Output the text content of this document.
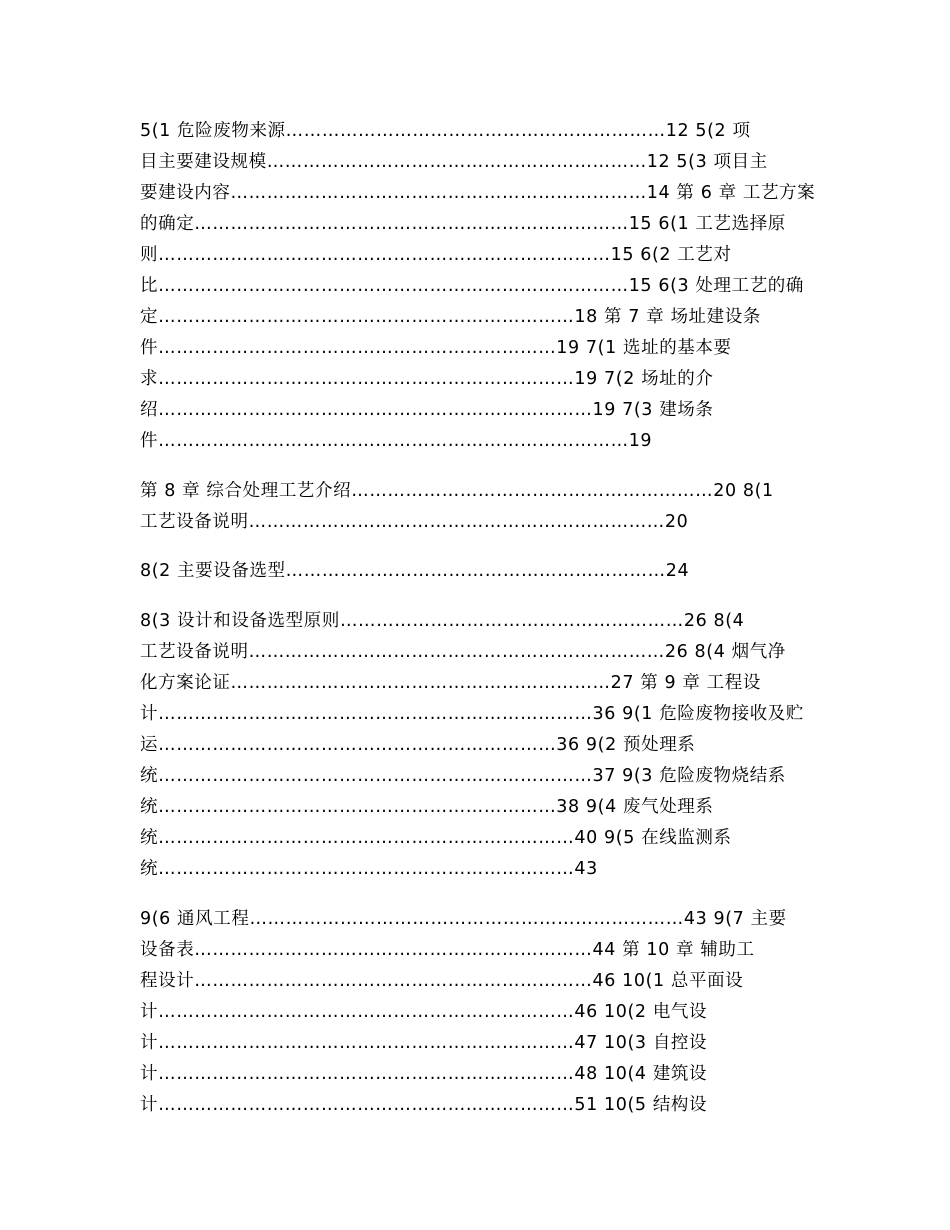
5(1 危险废物来源………………………………………………………12 5(2 项
目主要建设规模………………………………………………………12 5(3 项目主
要建设内容……………………………………………………………14 第 6 章 工艺方案
的确定………………………………………………………………15 6(1 工艺选择原
则…………………………………………………………………15 6(2 工艺对
比……………………………………………………………………15 6(3 处理工艺的确
定……………………………………………………………18 第 7 章 场址建设条
件…………………………………………………………19 7(1 选址的基本要
求……………………………………………………………19 7(2 场址的介
绍………………………………………………………………19 7(3 建场条
件……………………………………………………………………19
第 8 章 综合处理工艺介绍……………………………………………………20 8(1
工艺设备说明……………………………………………………………20
8(2 主要设备选型………………………………………………………24
8(3 设计和设备选型原则…………………………………………………26 8(4
工艺设备说明……………………………………………………………26 8(4 烟气净
化方案论证………………………………………………………27 第 9 章 工程设
计………………………………………………………………36 9(1 危险废物接收及贮
运…………………………………………………………36 9(2 预处理系
统………………………………………………………………37 9(3 危险废物烧结系
统…………………………………………………………38 9(4 废气处理系
统……………………………………………………………40 9(5 在线监测系
统……………………………………………………………43
9(6 通风工程………………………………………………………………43 9(7 主要
设备表…………………………………………………………44 第 10 章 辅助工
程设计…………………………………………………………46 10(1 总平面设
计……………………………………………………………46 10(2 电气设
计……………………………………………………………47 10(3 自控设
计……………………………………………………………48 10(4 建筑设
计……………………………………………………………51 10(5 结构设
